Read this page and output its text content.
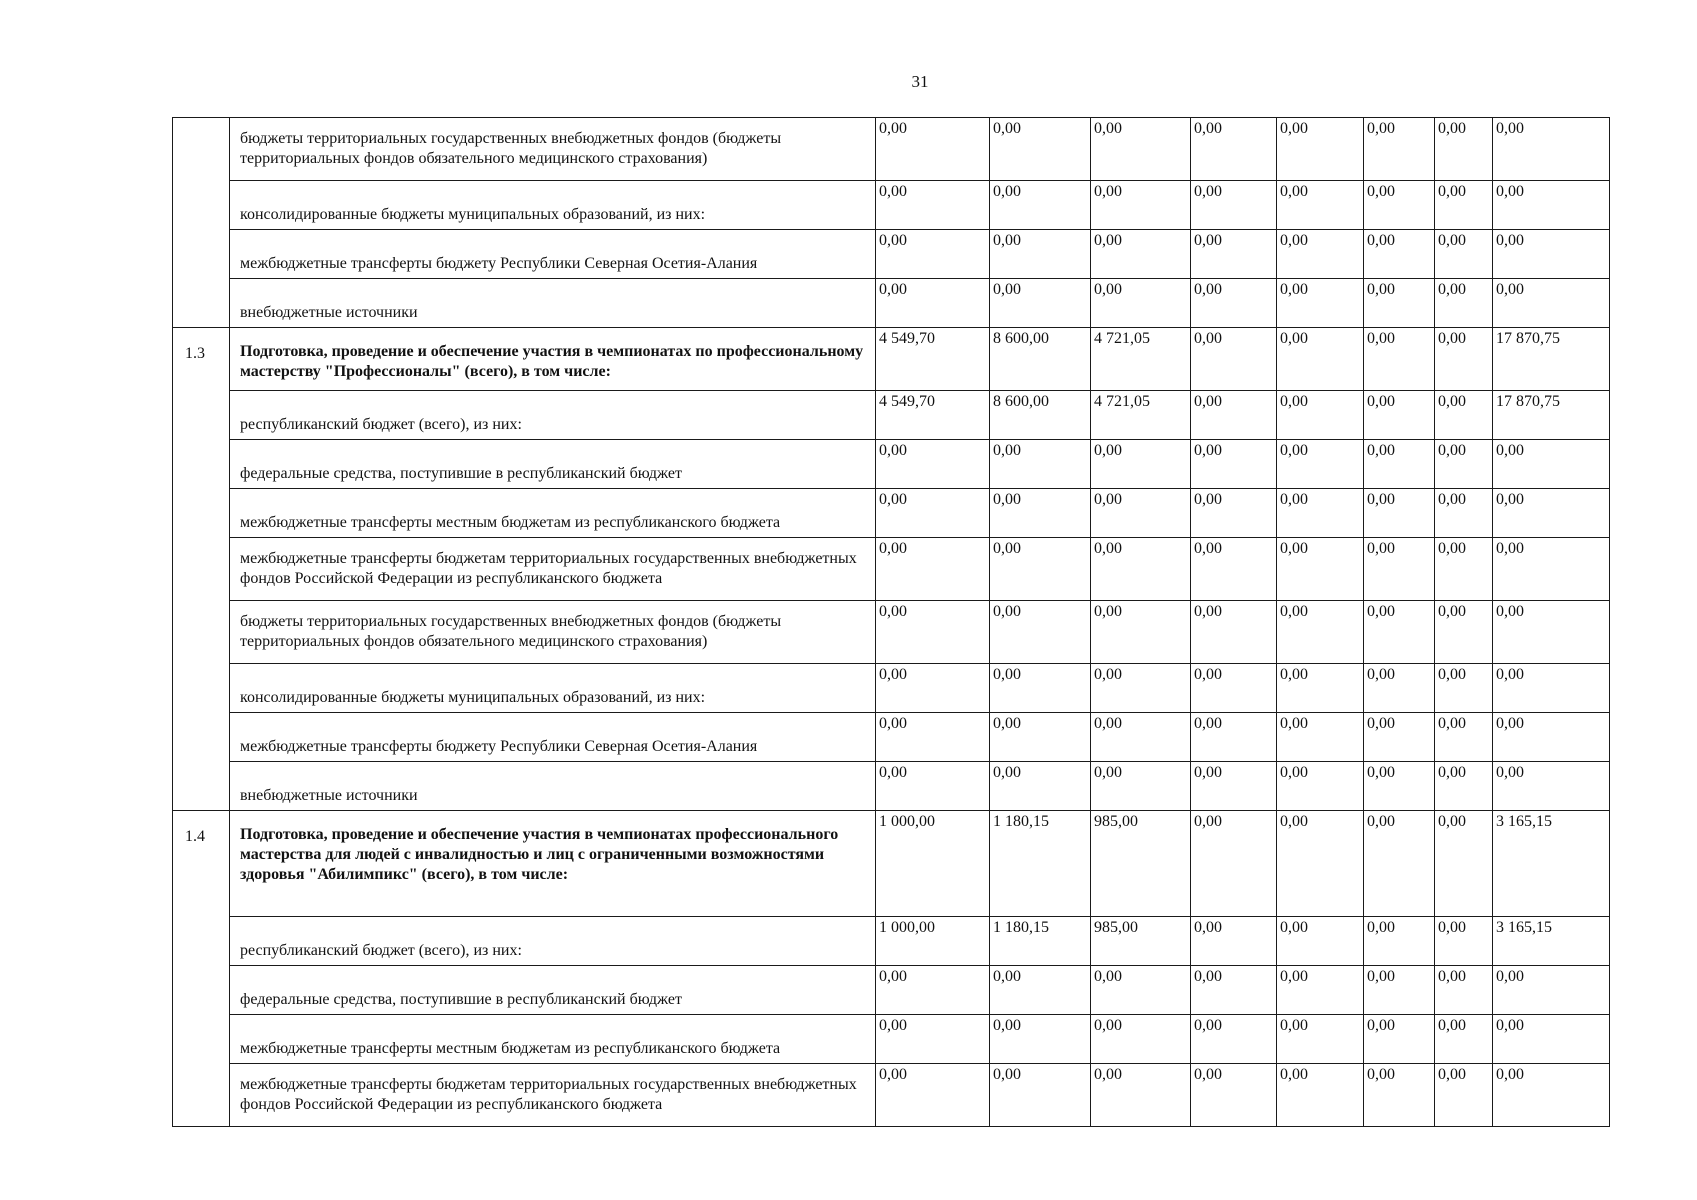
31
	бюджеты территориальных государственных внебюджетных фондов (бюджеты территориальных фондов обязательного медицинского страхования)	0,00	0,00	0,00	0,00	0,00	0,00	0,00	0,00
	консолидированные бюджеты муниципальных образований, из них:	0,00	0,00	0,00	0,00	0,00	0,00	0,00	0,00
	межбюджетные трансферты бюджету Республики Северная Осетия-Алания	0,00	0,00	0,00	0,00	0,00	0,00	0,00	0,00
	внебюджетные источники	0,00	0,00	0,00	0,00	0,00	0,00	0,00	0,00
1.3	Подготовка, проведение и обеспечение участия в чемпионатах по профессиональному мастерству "Профессионалы" (всего), в том числе:	4 549,70	8 600,00	4 721,05	0,00	0,00	0,00	0,00	17 870,75
	республиканский бюджет (всего), из них:	4 549,70	8 600,00	4 721,05	0,00	0,00	0,00	0,00	17 870,75
	федеральные средства, поступившие в республиканский бюджет	0,00	0,00	0,00	0,00	0,00	0,00	0,00	0,00
	межбюджетные трансферты местным бюджетам из республиканского бюджета	0,00	0,00	0,00	0,00	0,00	0,00	0,00	0,00
	межбюджетные трансферты бюджетам территориальных государственных внебюджетных фондов Российской Федерации из республиканского бюджета	0,00	0,00	0,00	0,00	0,00	0,00	0,00	0,00
	бюджеты территориальных государственных внебюджетных фондов (бюджеты территориальных фондов обязательного медицинского страхования)	0,00	0,00	0,00	0,00	0,00	0,00	0,00	0,00
	консолидированные бюджеты муниципальных образований, из них:	0,00	0,00	0,00	0,00	0,00	0,00	0,00	0,00
	межбюджетные трансферты бюджету Республики Северная Осетия-Алания	0,00	0,00	0,00	0,00	0,00	0,00	0,00	0,00
	внебюджетные источники	0,00	0,00	0,00	0,00	0,00	0,00	0,00	0,00
1.4	Подготовка, проведение и обеспечение участия в чемпионатах профессионального мастерства для людей с инвалидностью и лиц с ограниченными возможностями здоровья "Абилимпикс" (всего), в том числе:	1 000,00	1 180,15	985,00	0,00	0,00	0,00	0,00	3 165,15
	республиканский бюджет (всего), из них:	1 000,00	1 180,15	985,00	0,00	0,00	0,00	0,00	3 165,15
	федеральные средства, поступившие в республиканский бюджет	0,00	0,00	0,00	0,00	0,00	0,00	0,00	0,00
	межбюджетные трансферты местным бюджетам из республиканского бюджета	0,00	0,00	0,00	0,00	0,00	0,00	0,00	0,00
	межбюджетные трансферты бюджетам территориальных государственных внебюджетных фондов Российской Федерации из республиканского бюджета	0,00	0,00	0,00	0,00	0,00	0,00	0,00	0,00
